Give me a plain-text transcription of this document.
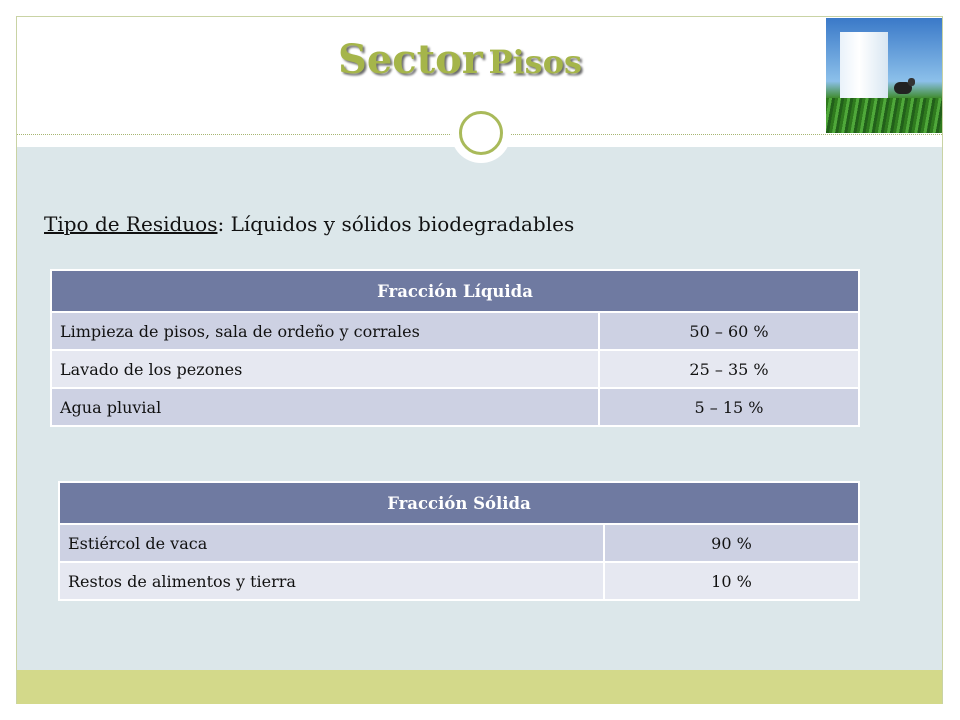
Sector Pisos
Tipo de Residuos: Líquidos y sólidos biodegradables
Fracción Líquida	
Limpieza de pisos, sala de ordeño y corrales	50 – 60 %
Lavado de los pezones	25 – 35 %
Agua pluvial	5 – 15 %
Fracción Sólida	
Estiércol de vaca	90 %
Restos de alimentos y tierra	10 %
